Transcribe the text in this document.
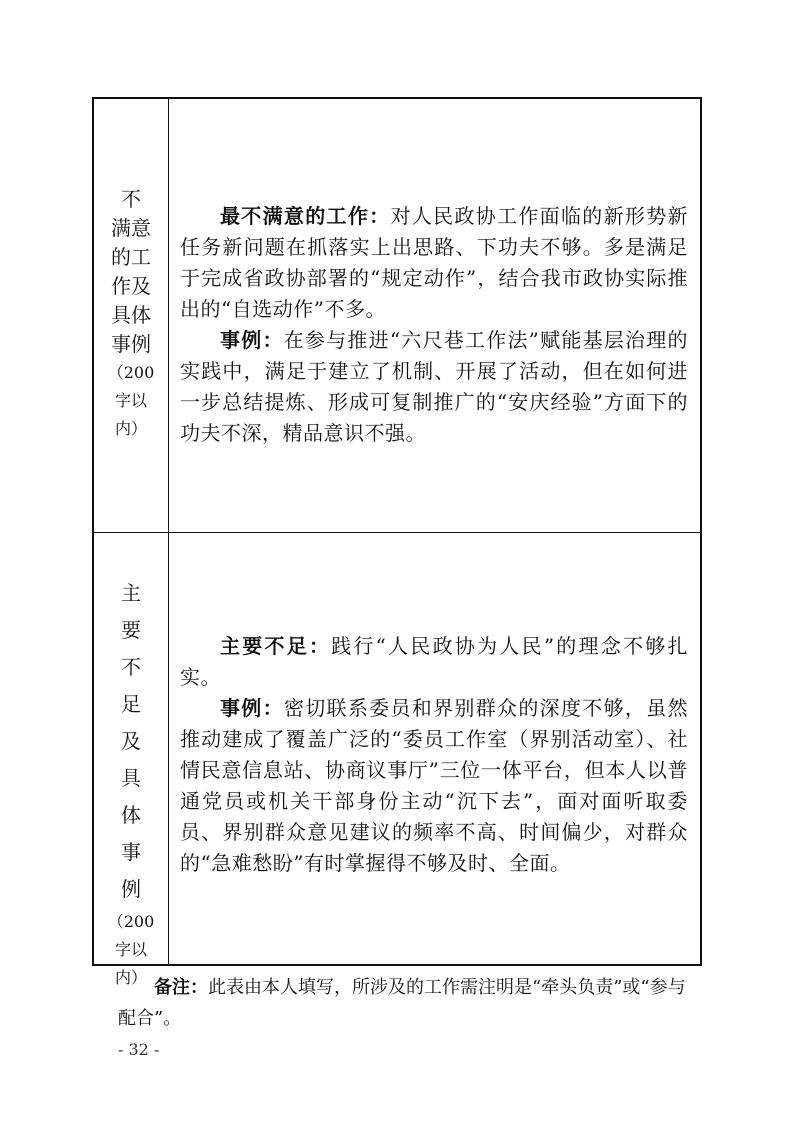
不
满意
的工
作及
具体
事例
（200
字以
内）

最不满意的工作：对人民政协工作面临的新形势新任务新问题在抓落实上出思路、下功夫不够。多是满足于完成省政协部署的“规定动作”，结合我市政协实际推出的“自选动作”不多。

事例：在参与推进“六尺巷工作法”赋能基层治理的实践中，满足于建立了机制、开展了活动，但在如何进一步总结提炼、形成可复制推广的“安庆经验”方面下的功夫不深，精品意识不强。

主
要
不
足
及
具
体
事
例
（200
字以
内）

主要不足：践行“人民政协为人民”的理念不够扎实。

事例：密切联系委员和界别群众的深度不够，虽然推动建成了覆盖广泛的“委员工作室（界别活动室）、社情民意信息站、协商议事厅”三位一体平台，但本人以普通党员或机关干部身份主动“沉下去”，面对面听取委员、界别群众意见建议的频率不高、时间偏少，对群众的“急难愁盼”有时掌握得不够及时、全面。

备注：此表由本人填写，所涉及的工作需注明是“牵头负责”或“参与配合”。

- 32 -
